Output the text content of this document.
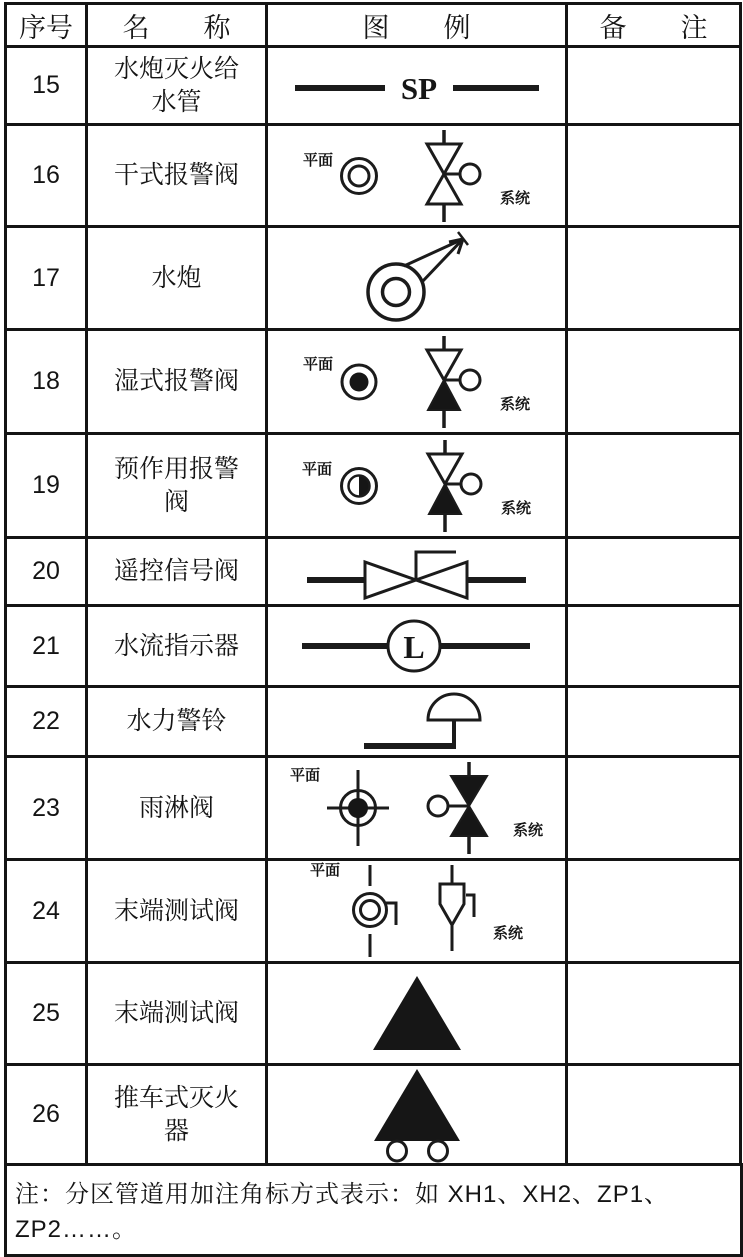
序号	名　　称	图　　例	备　　注
15	水炮灭火给水管	SP	

16	干式报警阀	平面
系统	

17	水炮	

18	湿式报警阀	平面
系统	

19	预作用报警阀	平面
系统	

20	遥控信号阀	

21	水流指示器	L	

22	水力警铃	

23	雨淋阀	平面
系统	

24	末端测试阀	平面
系统	

25	末端测试阀	

26	推车式灭火器	

注：分区管道用加注角标方式表示：如 XH1、XH2、ZP1、ZP2……。
